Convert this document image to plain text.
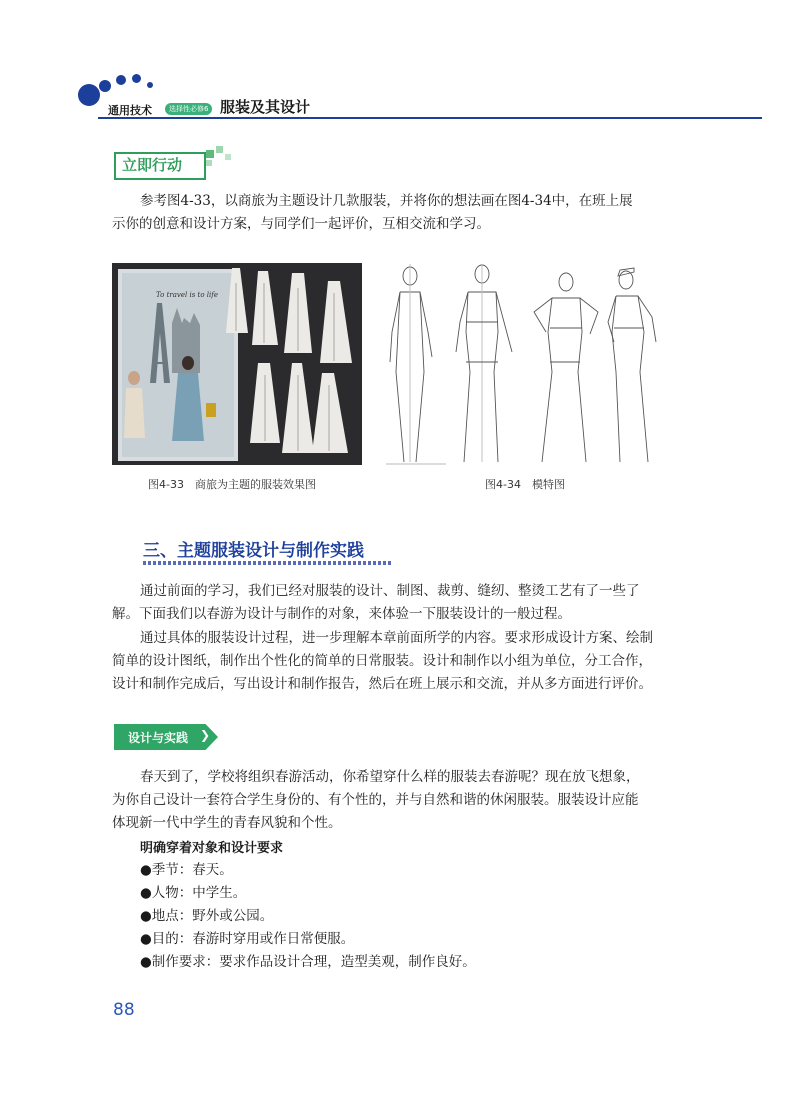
通用技术	选择性必修6 服装及其设计
立即行动
参考图4-33，以商旅为主题设计几款服装，并将你的想法画在图4-34中，在班上展
示你的创意和设计方案，与同学们一起评价，互相交流和学习。
To travel is to life
图4-33　商旅为主题的服装效果图	图4-34　模特图
三、主题服装设计与制作实践
通过前面的学习，我们已经对服装的设计、制图、裁剪、缝纫、整烫工艺有了一些了
解。下面我们以春游为设计与制作的对象，来体验一下服装设计的一般过程。
通过具体的服装设计过程，进一步理解本章前面所学的内容。要求形成设计方案、绘制
简单的设计图纸，制作出个性化的简单的日常服装。设计和制作以小组为单位，分工合作，
设计和制作完成后，写出设计和制作报告，然后在班上展示和交流，并从多方面进行评价。
设计与实践 ❯
春天到了，学校将组织春游活动，你希望穿什么样的服装去春游呢？现在放飞想象，
为你自己设计一套符合学生身份的、有个性的，并与自然和谐的休闲服装。服装设计应能
体现新一代中学生的青春风貌和个性。
明确穿着对象和设计要求
●季节：春天。
●人物：中学生。
●地点：野外或公园。
●目的：春游时穿用或作日常便服。
●制作要求：要求作品设计合理，造型美观，制作良好。
88
